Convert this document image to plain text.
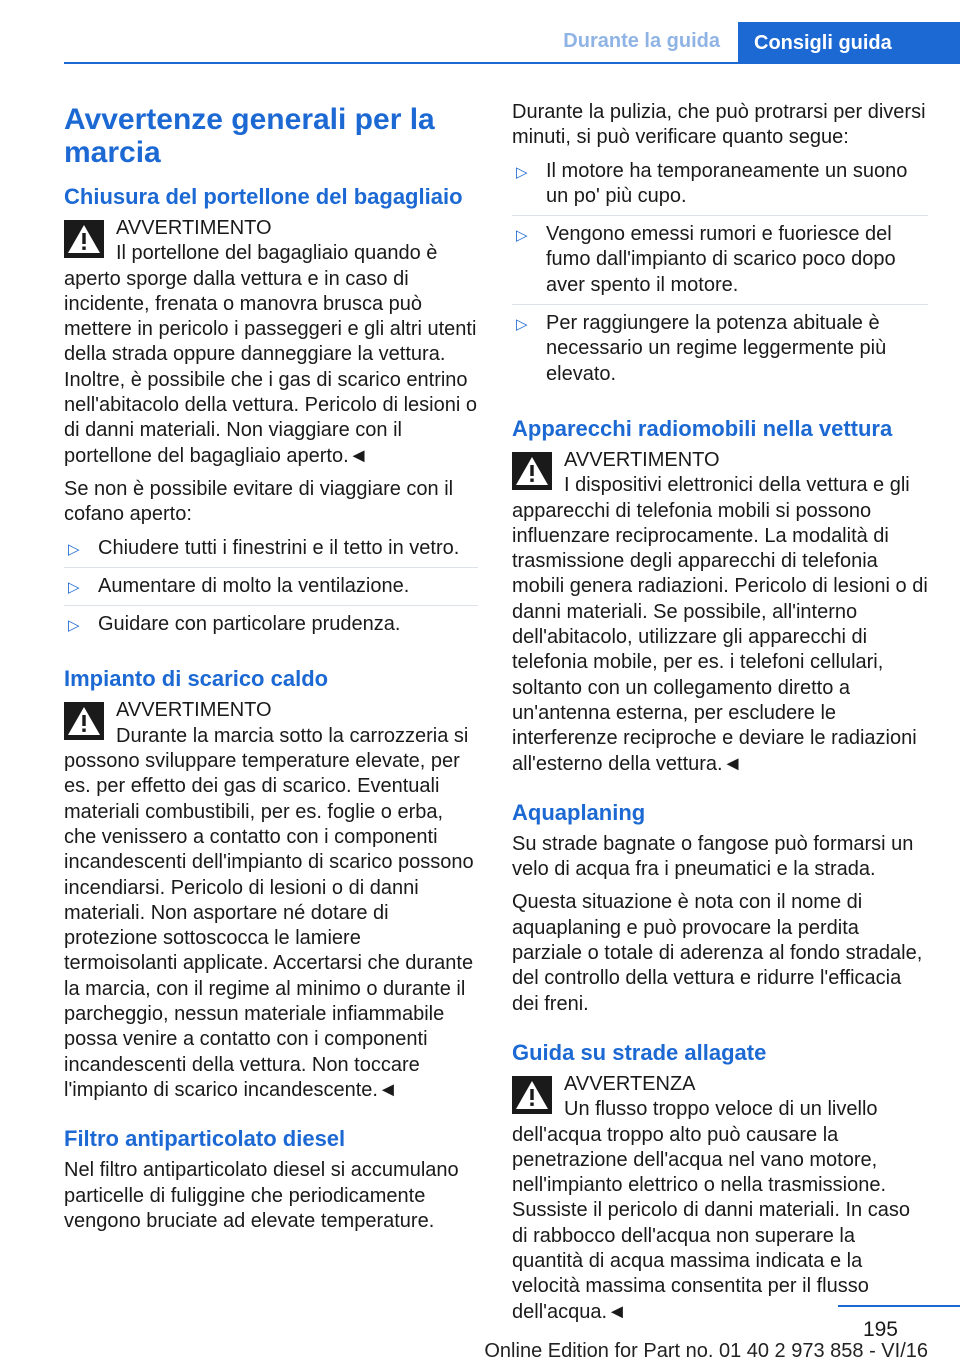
Durante la guida Consigli guida
Avvertenze generali per la marcia
Chiusura del portellone del bagagliaio
AVVERTIMENTO
Il portellone del bagagliaio quando è aperto sporge dalla vettura e in caso di incidente, frenata o manovra brusca può mettere in pericolo i passeggeri e gli altri utenti della strada oppure danneggiare la vettura. Inoltre, è possibile che i gas di scarico entrino nell'abitacolo della vettura. Pericolo di lesioni o di danni materiali. Non viaggiare con il portellone del bagagliaio aperto.◄

Se non è possibile evitare di viaggiare con il cofano aperto:

▷ Chiudere tutti i finestrini e il tetto in vetro.
▷ Aumentare di molto la ventilazione.
▷ Guidare con particolare prudenza.
Impianto di scarico caldo
AVVERTIMENTO
Durante la marcia sotto la carrozzeria si possono sviluppare temperature elevate, per es. per effetto dei gas di scarico. Eventuali materiali combustibili, per es. foglie o erba, che venissero a contatto con i componenti incandescenti dell'impianto di scarico possono incendiarsi. Pericolo di lesioni o di danni materiali. Non asportare né dotare di protezione sottoscocca le lamiere termoisolanti applicate. Accertarsi che durante la marcia, con il regime al minimo o durante il parcheggio, nessun materiale infiammabile possa venire a contatto con i componenti incandescenti della vettura. Non toccare l'impianto di scarico incandescente.◄
Filtro antiparticolato diesel

Nel filtro antiparticolato diesel si accumulano particelle di fuliggine che periodicamente vengono bruciate ad elevate temperature.

Durante la pulizia, che può protrarsi per diversi minuti, si può verificare quanto segue:

▷ Il motore ha temporaneamente un suono un po' più cupo.
▷ Vengono emessi rumori e fuoriesce del fumo dall'impianto di scarico poco dopo aver spento il motore.
▷ Per raggiungere la potenza abituale è necessario un regime leggermente più elevato.
Apparecchi radiomobili nella vettura
AVVERTIMENTO
I dispositivi elettronici della vettura e gli apparecchi di telefonia mobili si possono influenzare reciprocamente. La modalità di trasmissione degli apparecchi di telefonia mobili genera radiazioni. Pericolo di lesioni o di danni materiali. Se possibile, all'interno dell'abitacolo, utilizzare gli apparecchi di telefonia mobile, per es. i telefoni cellulari, soltanto con un collegamento diretto a un'antenna esterna, per escludere le interferenze reciproche e deviare le radiazioni all'esterno della vettura.◄
Aquaplaning

Su strade bagnate o fangose può formarsi un velo di acqua fra i pneumatici e la strada.

Questa situazione è nota con il nome di aquaplaning e può provocare la perdita parziale o totale di aderenza al fondo stradale, del controllo della vettura e ridurre l'efficacia dei freni.

Guida su strade allagate
AVVERTENZA
Un flusso troppo veloce di un livello dell'acqua troppo alto può causare la penetrazione dell'acqua nel vano motore, nell'impianto elettrico o nella trasmissione. Sussiste il pericolo di danni materiali. In caso di rabbocco dell'acqua non superare la quantità di acqua massima indicata e la velocità massima consentita per il flusso dell'acqua.◄
195
Online Edition for Part no. 01 40 2 973 858 - VI/16
